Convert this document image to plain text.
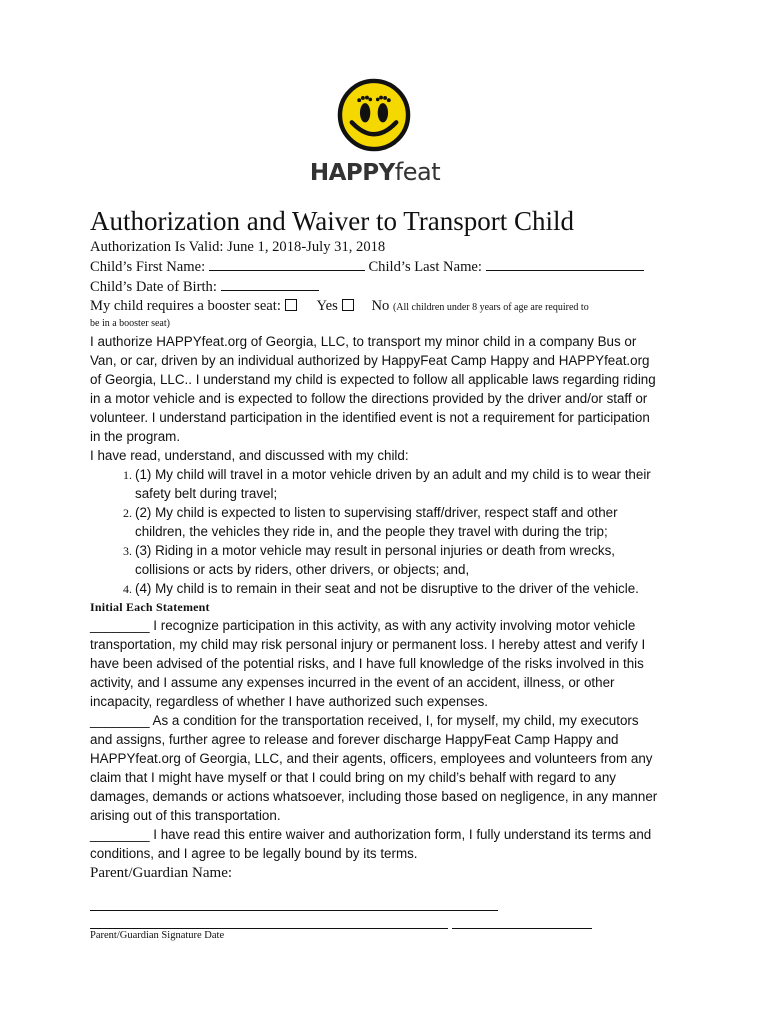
HAPPYfeat
Authorization and Waiver to Transport Child
Authorization Is Valid: June 1, 2018-July 31, 2018
Child’s First Name:	Child’s Last Name:
Child’s Date of Birth:
My child requires a booster seat: Yes No (All children under 8 years of age are required to
be in a booster seat)
I authorize HAPPYfeat.org of Georgia, LLC, to transport my minor child in a company Bus or Van, or car, driven by an individual authorized by HappyFeat Camp Happy and HAPPYfeat.org of Georgia, LLC.. I understand my child is expected to follow all applicable laws regarding riding in a motor vehicle and is expected to follow the directions provided by the driver and/or staff or volunteer. I understand participation in the identified event is not a requirement for participation in the program.
I have read, understand, and discussed with my child:
1. (1) My child will travel in a motor vehicle driven by an adult and my child is to wear their safety belt during travel;
2. (2) My child is expected to listen to supervising staff/driver, respect staff and other children, the vehicles they ride in, and the people they travel with during the trip;
3. (3) Riding in a motor vehicle may result in personal injuries or death from wrecks, collisions or acts by riders, other drivers, or objects; and,
4. (4) My child is to remain in their seat and not be disruptive to the driver of the vehicle.
Initial Each Statement
________ I recognize participation in this activity, as with any activity involving motor vehicle transportation, my child may risk personal injury or permanent loss. I hereby attest and verify I have been advised of the potential risks, and I have full knowledge of the risks involved in this activity, and I assume any expenses incurred in the event of an accident, illness, or other incapacity, regardless of whether I have authorized such expenses.
________ As a condition for the transportation received, I, for myself, my child, my executors and assigns, further agree to release and forever discharge HappyFeat Camp Happy and HAPPYfeat.org of Georgia, LLC, and their agents, officers, employees and volunteers from any claim that I might have myself or that I could bring on my child’s behalf with regard to any damages, demands or actions whatsoever, including those based on negligence, in any manner arising out of this transportation.
________ I have read this entire waiver and authorization form, I fully understand its terms and conditions, and I agree to be legally bound by its terms.
Parent/Guardian Name:
Parent/Guardian Signature Date
